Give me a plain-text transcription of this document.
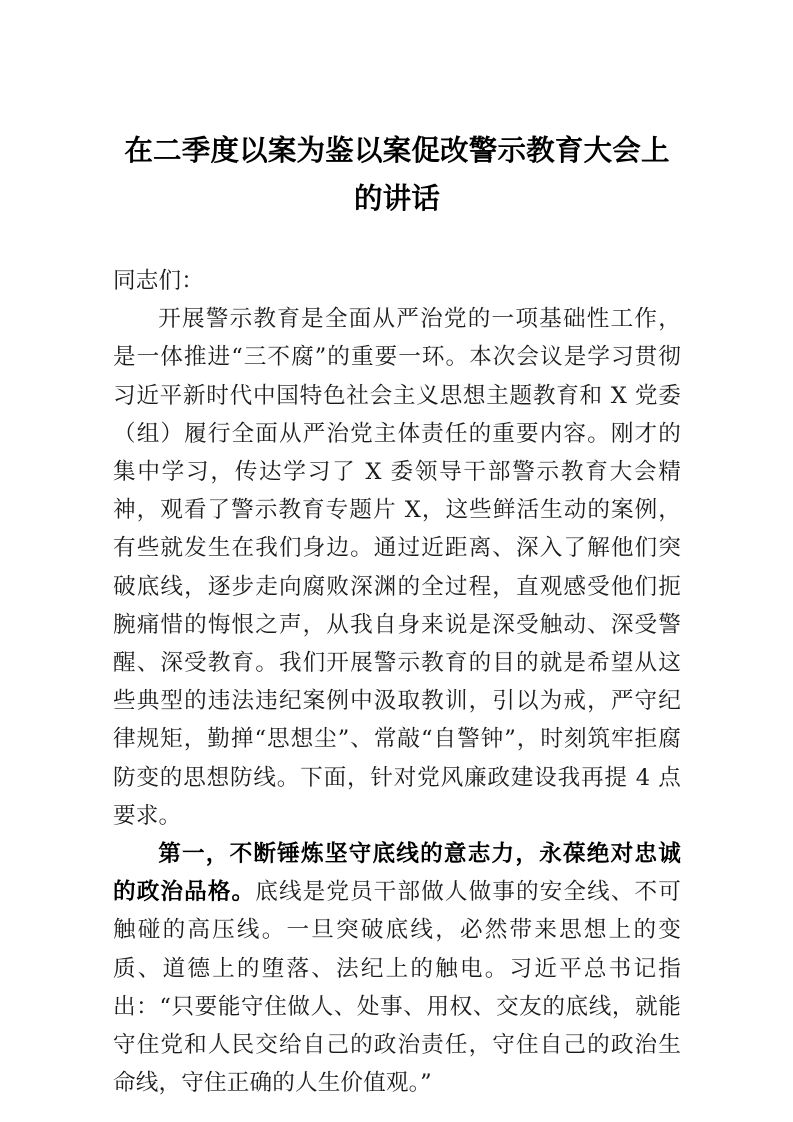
在二季度以案为鉴以案促改警示教育大会上的讲话

同志们：

开展警示教育是全面从严治党的一项基础性工作，是一体推进“三不腐”的重要一环。本次会议是学习贯彻习近平新时代中国特色社会主义思想主题教育和 X 党委（组）履行全面从严治党主体责任的重要内容。刚才的集中学习，传达学习了 X 委领导干部警示教育大会精神，观看了警示教育专题片 X，这些鲜活生动的案例，有些就发生在我们身边。通过近距离、深入了解他们突破底线，逐步走向腐败深渊的全过程，直观感受他们扼腕痛惜的悔恨之声，从我自身来说是深受触动、深受警醒、深受教育。我们开展警示教育的目的就是希望从这些典型的违法违纪案例中汲取教训，引以为戒，严守纪律规矩，勤掸“思想尘”、常敲“自警钟”，时刻筑牢拒腐防变的思想防线。下面，针对党风廉政建设我再提 4 点要求。

第一，不断锤炼坚守底线的意志力，永葆绝对忠诚的政治品格。底线是党员干部做人做事的安全线、不可触碰的高压线。一旦突破底线，必然带来思想上的变质、道德上的堕落、法纪上的触电。习近平总书记指出：“只要能守住做人、处事、用权、交友的底线，就能守住党和人民交给自己的政治责任，守住自己的政治生命线，守住正确的人生价值观。”
